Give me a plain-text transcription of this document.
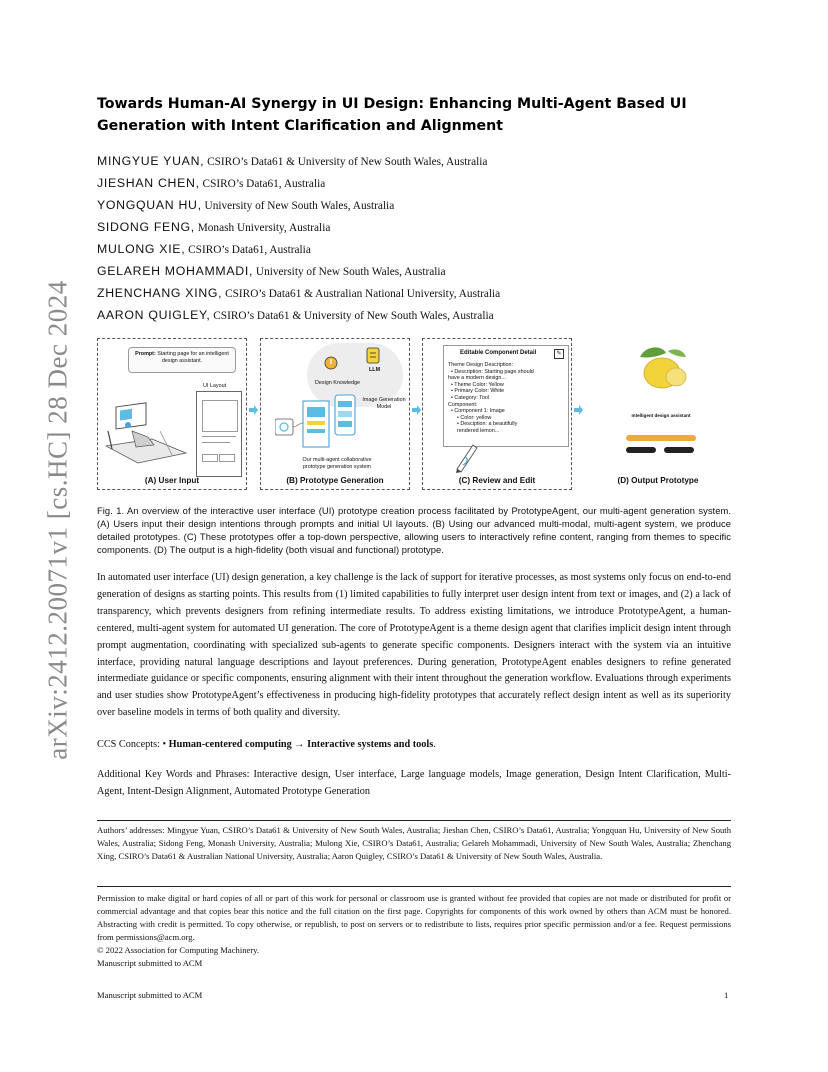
arXiv:2412.20071v1 [cs.HC] 28 Dec 2024
Towards Human-AI Synergy in UI Design: Enhancing Multi-Agent Based UI Generation with Intent Clarification and Alignment
MINGYUE YUAN, CSIRO’s Data61 & University of New South Wales, Australia
JIESHAN CHEN, CSIRO’s Data61, Australia
YONGQUAN HU, University of New South Wales, Australia
SIDONG FENG, Monash University, Australia
MULONG XIE, CSIRO’s Data61, Australia
GELAREH MOHAMMADI, University of New South Wales, Australia
ZHENCHANG XING, CSIRO’s Data61 & Australian National University, Australia
AARON QUIGLEY, CSIRO’s Data61 & University of New South Wales, Australia
Prompt: Starting page for an intelligent design assistant.
UI Layout
(A) User Input
LLM
Design Knowledge
Image Generation Model
Our multi-agent collaborative prototype generation system
(B) Prototype Generation
Editable Component Detail	✎
Theme Design Description:
• Description: Starting page should
have a modern design...
• Theme Color: Yellow
• Primary Color: White
• Category: Tool
Component:
• Component 1: Image
• Color: yellow
• Desciption: a beautifully
rendered lemon...
(C) Review and Edit
Intelligent design assistant
(D) Output Prototype
Fig. 1. An overview of the interactive user interface (UI) prototype creation process facilitated by PrototypeAgent, our multi-agent generation system. (A) Users input their design intentions through prompts and initial UI layouts. (B) Using our advanced multi-modal, multi-agent system, we produce detailed prototypes. (C) These prototypes offer a top-down perspective, allowing users to interactively refine content, ranging from themes to specific components. (D) The output is a high-fidelity (both visual and functional) prototype.
In automated user interface (UI) design generation, a key challenge is the lack of support for iterative processes, as most systems only focus on end-to-end generation of designs as starting points. This results from (1) limited capabilities to fully interpret user design intent from text or images, and (2) a lack of transparency, which prevents designers from refining intermediate results. To address existing limitations, we introduce PrototypeAgent, a human-centered, multi-agent system for automated UI generation. The core of PrototypeAgent is a theme design agent that clarifies implicit design intent through prompt augmentation, coordinating with specialized sub-agents to generate specific components. Designers interact with the system via an intuitive interface, providing natural language descriptions and layout preferences. During generation, PrototypeAgent enables designers to refine generated intermediate guidance or specific components, ensuring alignment with their intent throughout the generation workflow. Evaluations through experiments and user studies show PrototypeAgent’s effectiveness in producing high-fidelity prototypes that accurately reflect design intent as well as its superiority over baseline models in terms of both quality and diversity.
CCS Concepts: • Human-centered computing → Interactive systems and tools.
Additional Key Words and Phrases: Interactive design, User interface, Large language models, Image generation, Design Intent Clarification, Multi-Agent, Intent-Design Alignment, Automated Prototype Generation
Authors’ addresses: Mingyue Yuan, CSIRO’s Data61 & University of New South Wales, Australia; Jieshan Chen, CSIRO’s Data61, Australia; Yongquan Hu, University of New South Wales, Australia; Sidong Feng, Monash University, Australia; Mulong Xie, CSIRO’s Data61, Australia; Gelareh Mohammadi, University of New South Wales, Australia; Zhenchang Xing, CSIRO’s Data61 & Australian National University, Australia; Aaron Quigley, CSIRO’s Data61 & University of New South Wales, Australia.
Permission to make digital or hard copies of all or part of this work for personal or classroom use is granted without fee provided that copies are not made or distributed for profit or commercial advantage and that copies bear this notice and the full citation on the first page. Copyrights for components of this work owned by others than ACM must be honored. Abstracting with credit is permitted. To copy otherwise, or republish, to post on servers or to redistribute to lists, requires prior specific permission and/or a fee. Request permissions from permissions@acm.org.
© 2022 Association for Computing Machinery.
Manuscript submitted to ACM
Manuscript submitted to ACM	1
